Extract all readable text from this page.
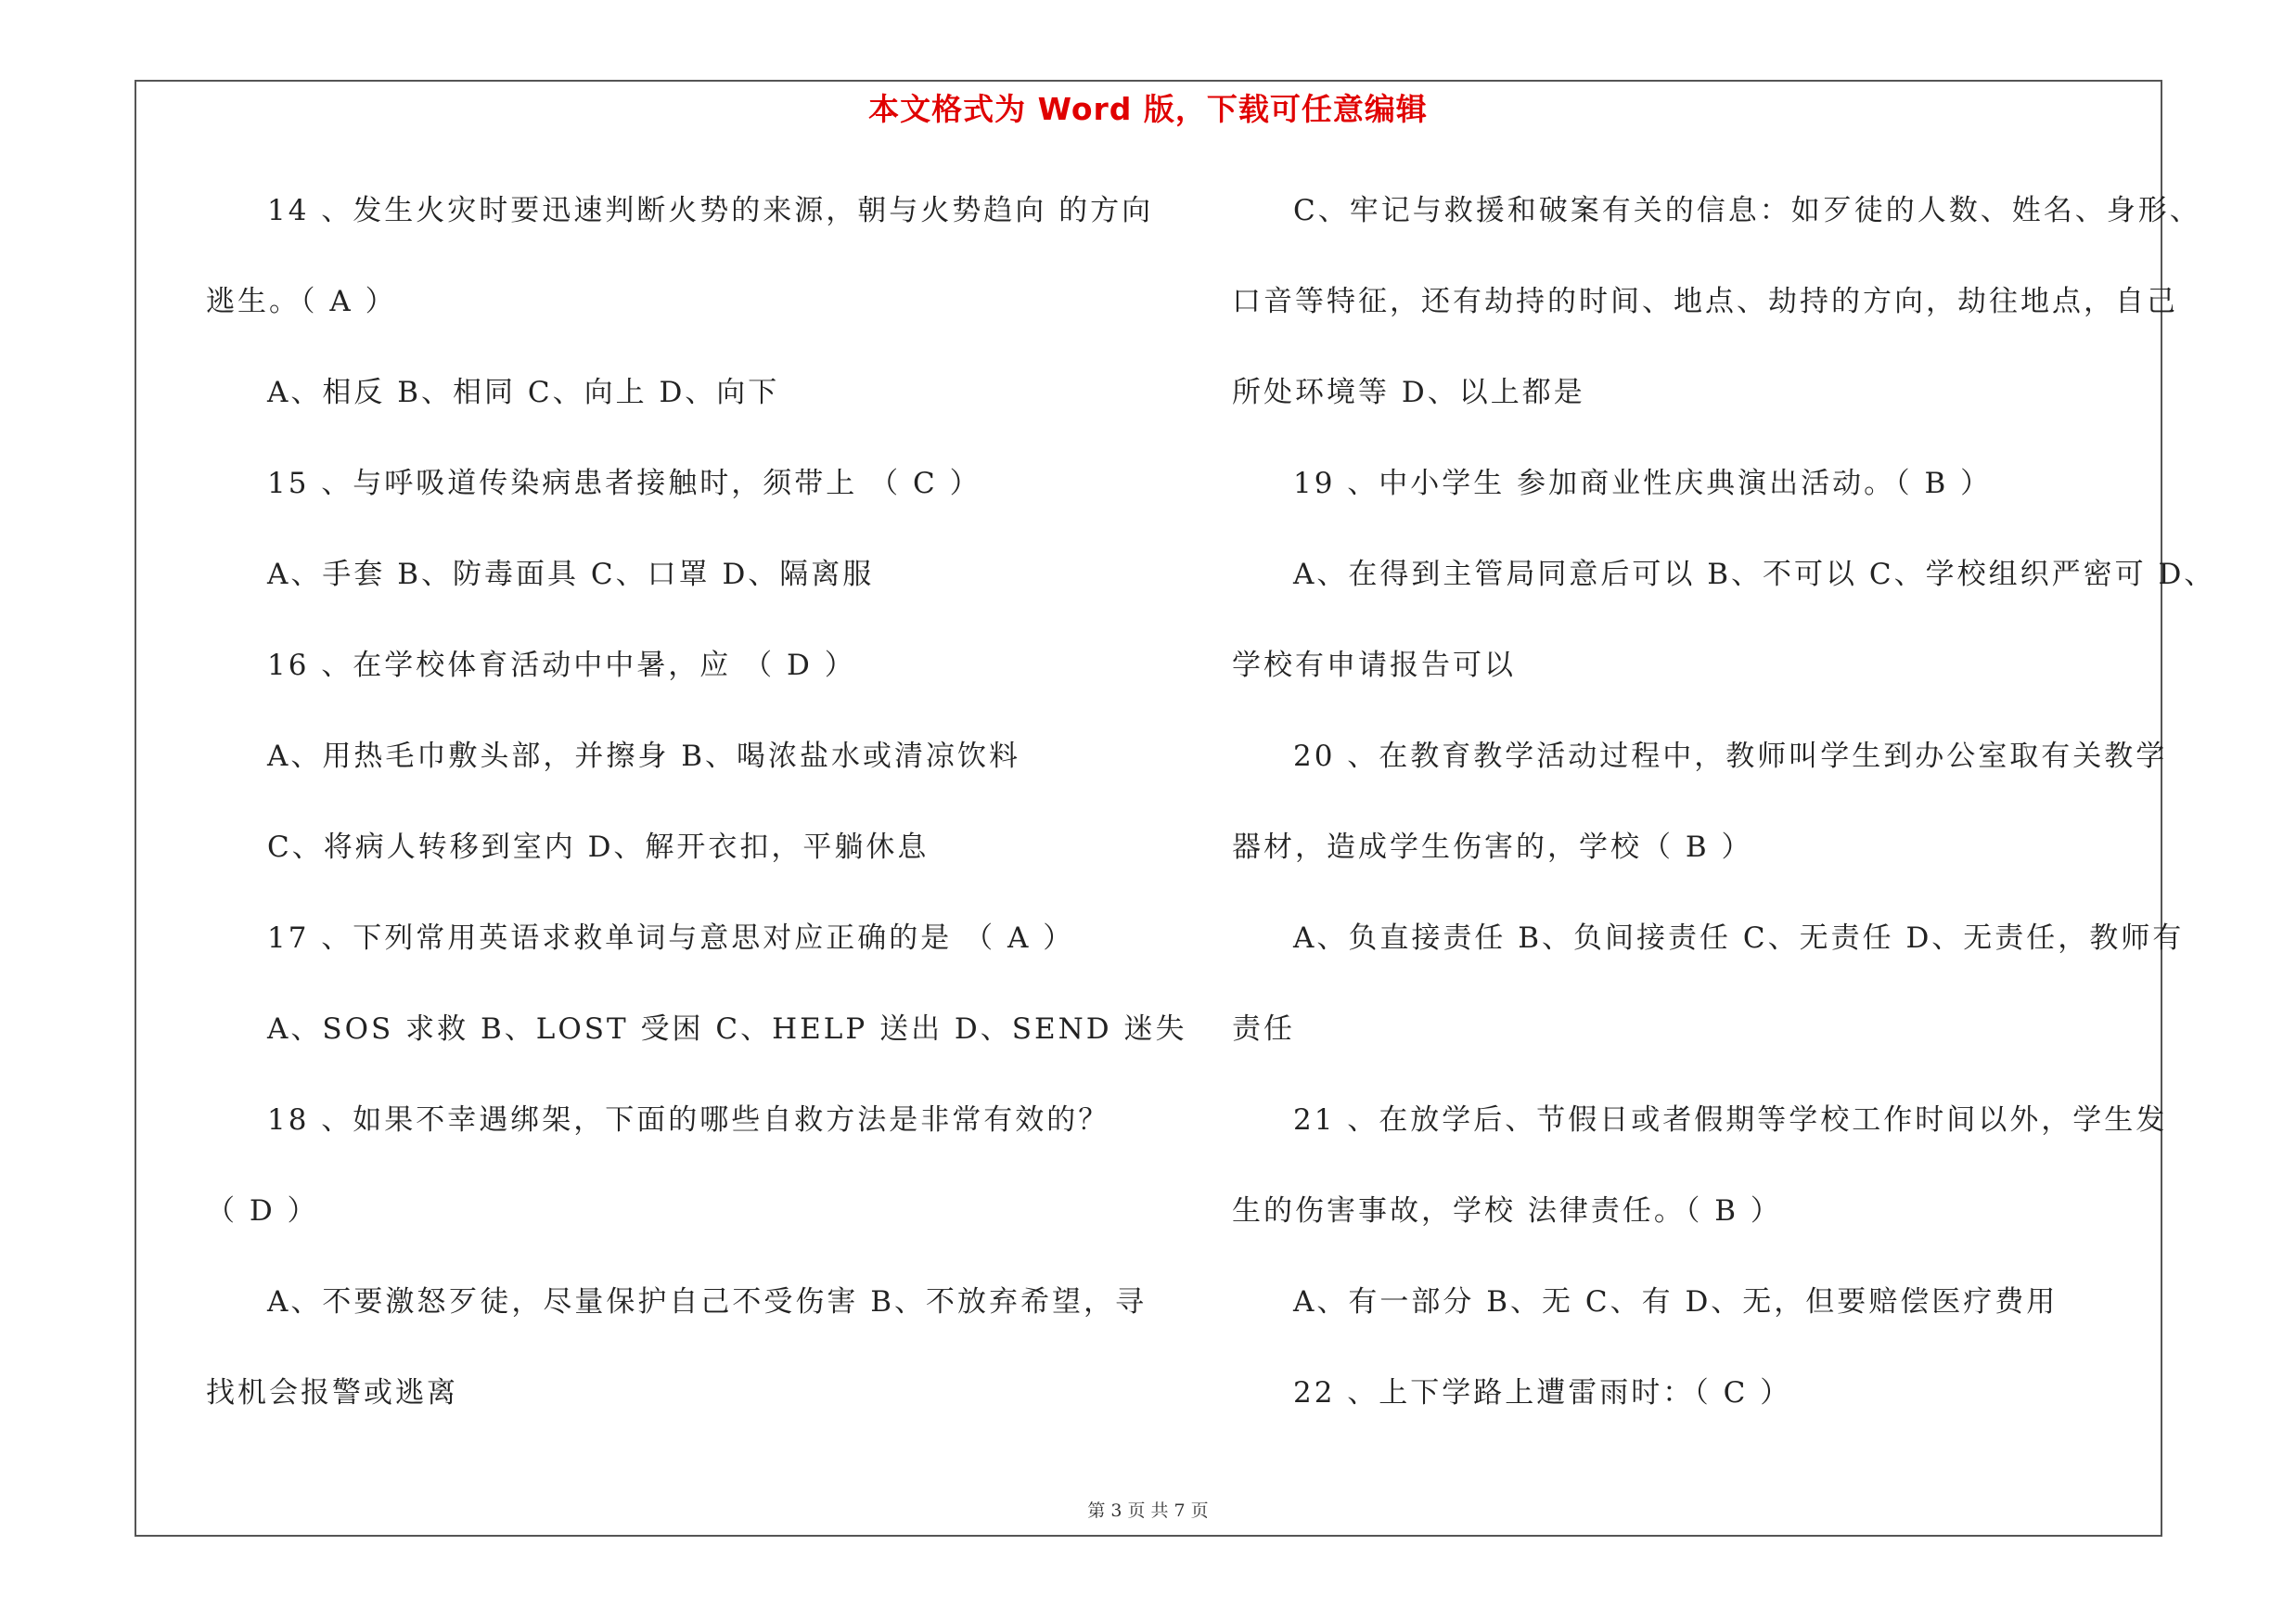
本文格式为 Word 版，下载可任意编辑
14 、发生火灾时要迅速判断火势的来源，朝与火势趋向 的方向
逃生。（ A ）
A、相反 B、相同 C、向上 D、向下
15 、与呼吸道传染病患者接触时，须带上 （ C ）
A、手套 B、防毒面具 C、口罩 D、隔离服
16 、在学校体育活动中中暑，应 （ D ）
A、用热毛巾敷头部，并擦身 B、喝浓盐水或清凉饮料
C、将病人转移到室内 D、解开衣扣，平躺休息
17 、下列常用英语求救单词与意思对应正确的是 （ A ）
A、SOS 求救 B、LOST 受困 C、HELP 送出 D、SEND 迷失
18 、如果不幸遇绑架，下面的哪些自救方法是非常有效的？
（ D ）
A、不要激怒歹徒，尽量保护自己不受伤害 B、不放弃希望，寻
找机会报警或逃离
C、牢记与救援和破案有关的信息：如歹徒的人数、姓名、身形、
口音等特征，还有劫持的时间、地点、劫持的方向，劫往地点，自己
所处环境等 D、以上都是
19 、中小学生 参加商业性庆典演出活动。（ B ）
A、在得到主管局同意后可以 B、不可以 C、学校组织严密可 D、
学校有申请报告可以
20 、在教育教学活动过程中，教师叫学生到办公室取有关教学
器材，造成学生伤害的，学校（ B ）
A、负直接责任 B、负间接责任 C、无责任 D、无责任，教师有
责任
21 、在放学后、节假日或者假期等学校工作时间以外，学生发
生的伤害事故，学校 法律责任。（ B ）
A、有一部分 B、无 C、有 D、无，但要赔偿医疗费用
22 、上下学路上遭雷雨时：（ C ）
第 3 页 共 7 页
